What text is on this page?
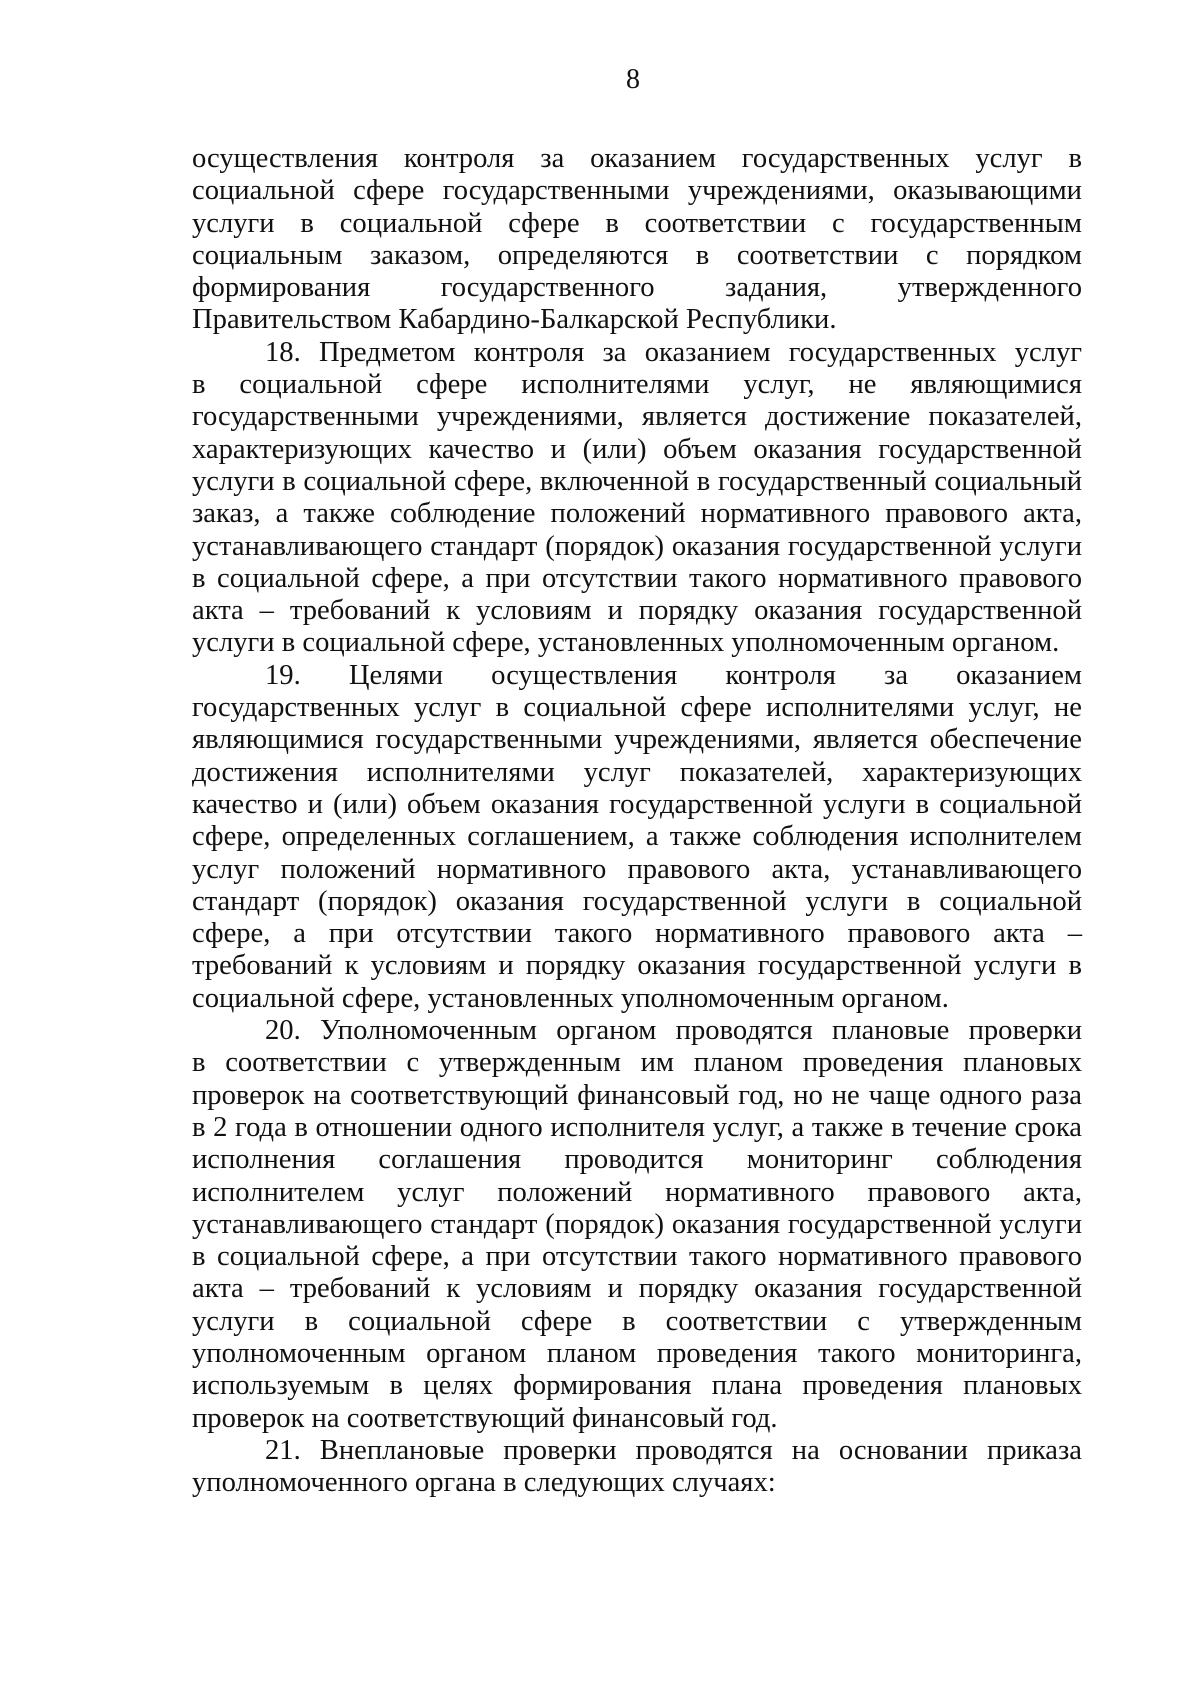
8
осуществления контроля за оказанием государственных услуг в
социальной сфере государственными учреждениями, оказывающими
услуги в социальной сфере в соответствии с государственным
социальным заказом, определяются в соответствии с порядком
формирования государственного задания, утвержденного
Правительством Кабардино-Балкарской Республики.
18. Предметом контроля за оказанием государственных услуг
в социальной сфере исполнителями услуг, не являющимися
государственными учреждениями, является достижение показателей,
характеризующих качество и (или) объем оказания государственной
услуги в социальной сфере, включенной в государственный социальный
заказ, а также соблюдение положений нормативного правового акта,
устанавливающего стандарт (порядок) оказания государственной услуги
в социальной сфере, а при отсутствии такого нормативного правового
акта – требований к условиям и порядку оказания государственной
услуги в социальной сфере, установленных уполномоченным органом.
19. Целями осуществления контроля за оказанием
государственных услуг в социальной сфере исполнителями услуг, не
являющимися государственными учреждениями, является обеспечение
достижения исполнителями услуг показателей, характеризующих
качество и (или) объем оказания государственной услуги в социальной
сфере, определенных соглашением, а также соблюдения исполнителем
услуг положений нормативного правового акта, устанавливающего
стандарт (порядок) оказания государственной услуги в социальной
сфере, а при отсутствии такого нормативного правового акта –
требований к условиям и порядку оказания государственной услуги в
социальной сфере, установленных уполномоченным органом.
20. Уполномоченным органом проводятся плановые проверки
в соответствии с утвержденным им планом проведения плановых
проверок на соответствующий финансовый год, но не чаще одного раза
в 2 года в отношении одного исполнителя услуг, а также в течение срока
исполнения соглашения проводится мониторинг соблюдения
исполнителем услуг положений нормативного правового акта,
устанавливающего стандарт (порядок) оказания государственной услуги
в социальной сфере, а при отсутствии такого нормативного правового
акта – требований к условиям и порядку оказания государственной
услуги в социальной сфере в соответствии с утвержденным
уполномоченным органом планом проведения такого мониторинга,
используемым в целях формирования плана проведения плановых
проверок на соответствующий финансовый год.
21. Внеплановые проверки проводятся на основании приказа
уполномоченного органа в следующих случаях:
